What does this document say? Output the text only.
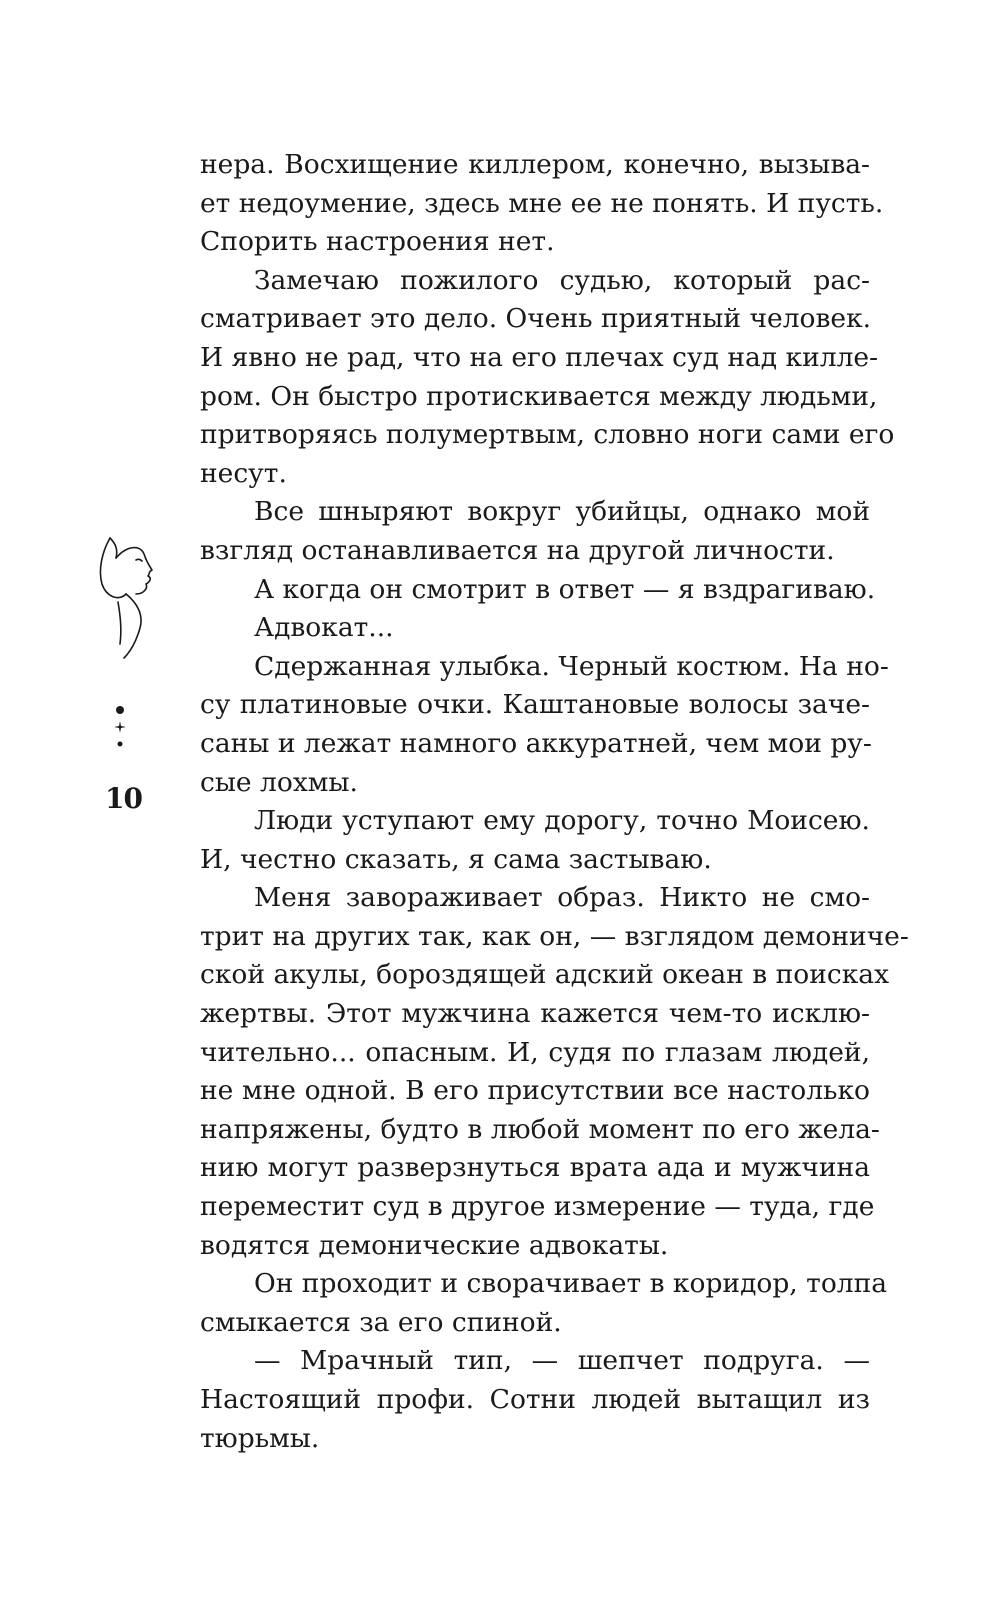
10
нера. Восхищение киллером, конечно, вызыва-
ет недоумение, здесь мне ее не понять. И пусть.
Спорить настроения нет.
Замечаю пожилого судью, который рас-
сматривает это дело. Очень приятный человек.
И явно не рад, что на его плечах суд над килле-
ром. Он быстро протискивается между людьми,
притворяясь полумертвым, словно ноги сами его
несут.
Все шныряют вокруг убийцы, однако мой
взгляд останавливается на другой личности.
А когда он смотрит в ответ — я вздрагиваю.
Адвокат...
Сдержанная улыбка. Черный костюм. На но-
су платиновые очки. Каштановые волосы заче-
саны и лежат намного аккуратней, чем мои ру-
сые лохмы.
Люди уступают ему дорогу, точно Моисею.
И, честно сказать, я сама застываю.
Меня завораживает образ. Никто не смо-
трит на других так, как он, — взглядом демониче-
ской акулы, бороздящей адский океан в поисках
жертвы. Этот мужчина кажется чем-то исклю-
чительно... опасным. И, судя по глазам людей,
не мне одной. В его присутствии все настолько
напряжены, будто в любой момент по его жела-
нию могут разверзнуться врата ада и мужчина
переместит суд в другое измерение — туда, где
водятся демонические адвокаты.
Он проходит и сворачивает в коридор, толпа
смыкается за его спиной.
— Мрачный тип, — шепчет подруга. —
Настоящий профи. Сотни людей вытащил из
тюрьмы.
